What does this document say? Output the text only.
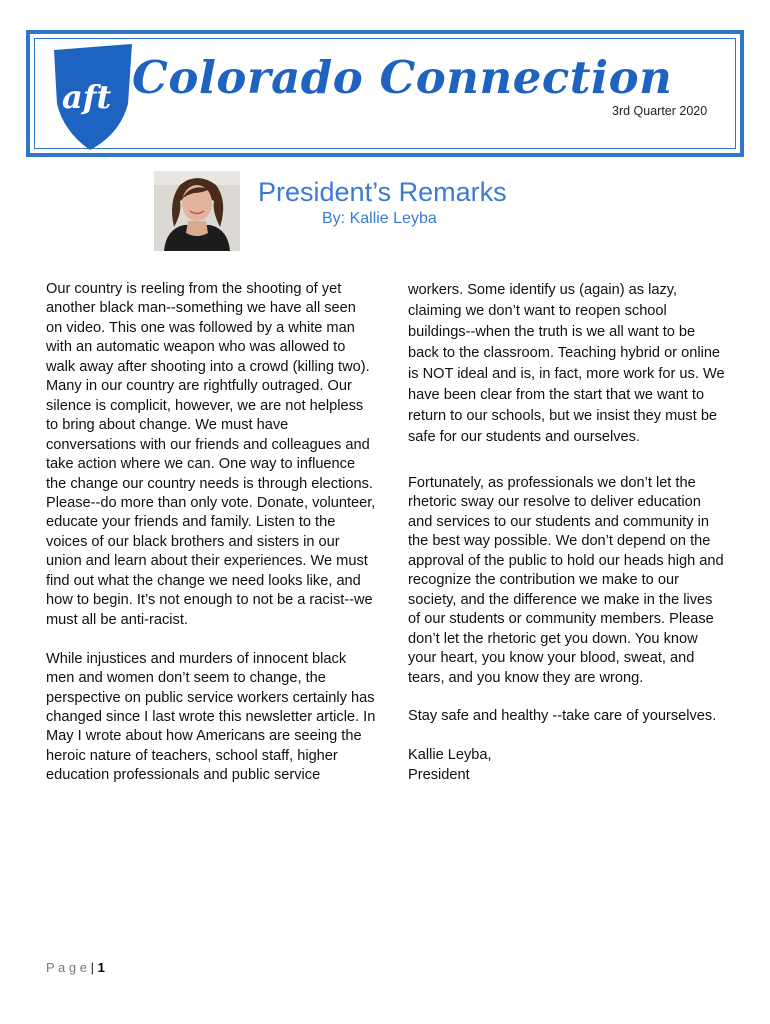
aft Colorado Connection
3rd Quarter 2020
President’s Remarks
By: Kallie Leyba

Our country is reeling from the shooting of yet another black man--something we have all seen on video. This one was followed by a white man with an automatic weapon who was allowed to walk away after shooting into a crowd (killing two). Many in our country are rightfully outraged. Our silence is complicit, however, we are not helpless to bring about change. We must have conversations with our friends and colleagues and take action where we can. One way to influence the change our country needs is through elections. Please--do more than only vote. Donate, volunteer, educate your friends and family. Listen to the voices of our black brothers and sisters in our union and learn about their experiences. We must find out what the change we need looks like, and how to begin. It’s not enough to not be a racist--we must all be anti-racist.

While injustices and murders of innocent black men and women don’t seem to change, the perspective on public service workers certainly has changed since I last wrote this newsletter article. In May I wrote about how Americans are seeing the heroic nature of teachers, school staff, higher education professionals and public service

workers. Some identify us (again) as lazy, claiming we don’t want to reopen school buildings--when the truth is we all want to be back to the classroom. Teaching hybrid or online is NOT ideal and is, in fact, more work for us. We have been clear from the start that we want to return to our schools, but we insist they must be safe for our students and ourselves.

Fortunately, as professionals we don’t let the rhetoric sway our resolve to deliver education and services to our students and community in the best way possible. We don’t depend on the approval of the public to hold our heads high and recognize the contribution we make to our society, and the difference we make in the lives of our students or community members. Please don’t let the rhetoric get you down. You know your heart, you know your blood, sweat, and tears, and you know they are wrong.

Stay safe and healthy --take care of yourselves.

Kallie Leyba,

President

P a g e | 1
